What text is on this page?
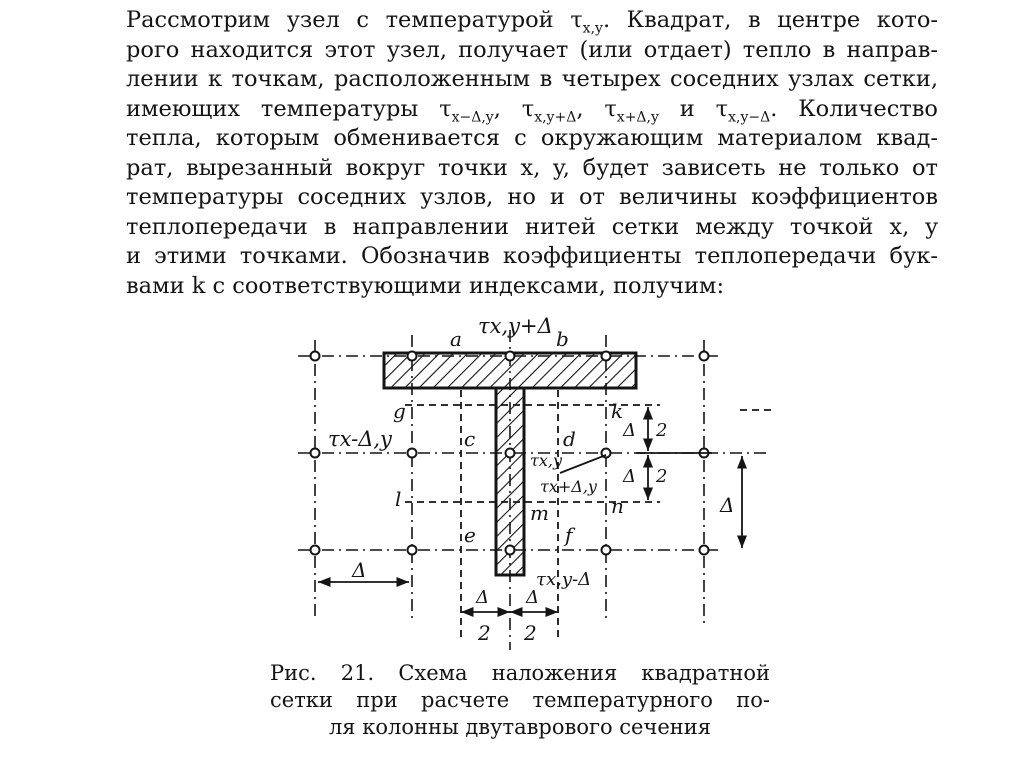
Рассмотрим узел с температурой $\tau_{x,y}$. Квадрат, в центре кото-
рого находится этот узел, получает (или отдает) тепло в направ-
лении к точкам, расположенным в четырех соседних узлах сетки,
имеющих температуры $\tau_{x-\Delta,y}$, $\tau_{x,y+\Delta}$, $\tau_{x+\Delta,y}$ и $\tau_{x,y-\Delta}$. Количество
тепла, которым обменивается с окружающим материалом квад-
рат, вырезанный вокруг точки x, y, будет зависеть не только от
температуры соседних узлов, но и от величины коэффициентов
теплопередачи в направлении нитей сетки между точкой x, y
и этими точками. Обозначив коэффициенты теплопередачи бук-
вами k с соответствующими индексами, получим:
τx,y+Δ
a	b
g	k
τx-Δ,y	c	d
τx,y
τx+Δ,y
l	n
m
e	f
τx,y-Δ
Δ
Δ Δ
2 2
Δ 2
Δ 2
Δ
Рис. 21. Схема наложения квадратной
сетки при расчете температурного по-
ля колонны двутаврового сечения
